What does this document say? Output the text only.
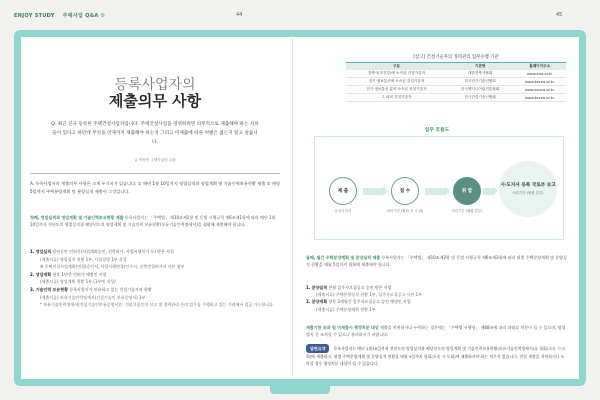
ENJOY STUDY 주택사업 Q&A ⑤	44	45
등록사업자의
제출의무 사항
Q. 최근 신규 등록한 주택건설사업자입니다. 주택건설사업을 영위하려면 의무적으로 제출해야 하는 서류들이 있다고 하던데 무엇을 언제까지 제출해야 하는지 그리고 미제출에 따른 처벌은 없는지 알고 싶습니다.
글 박정연 주택사업팀 과장
A. 등록사업자의 제출의무 사항은 크게 두가지가 있습니다. ① 매년 1월 10일까지 영업실적과 영업계획 및 기술인력보유현황 제출 ② 매월 5일까지 주택분양계획 및 분양실적 제출이 그것입니다.
첫째, 영업실적과 영업계획 및 기술인력보유현황 제출 등록사업자는 「주택법」 제10조제1항 및 동법 시행규칙 제6조제1항에 따라 매년 1월10일까지 전년도의 영업실적과 해당년도의 영업계획 및 기술인력 보유현황(보유기술인력명세서)을 협회에 제출해야 합니다.
1. 영업실적 당년동안 인허가(사업계획승인, 건축허가, 사업시행인가 등) 받은 사업
(제출서류) 영업실적 현황 1부, 사업장별 1부 작성
※ 주택건설사업계획(변경)승인서, 사업시행변경(인가서, 건축변경허가서 사본 첨부
2. 영업계획 향후 1년간 인허가 예정인 사업
(제출서류) 영업계획 현황 1부 (1부에 작성)
3. 기술인력 보유현황 등록사업자가 보유하고 있는 건설기술자의 현황
(제출서류) 보유기술인력명세서(건설기술인 보유증명서) 1부
* 보유기술인력명세서(건설기술인보유증명서)는 건설기술인의 신고 및 경력관리 등의 업무를 수행하고 있는 기관에서 발급 가능합니다.
[참고] 건설기술자의 경력관리 업무수행 기관
구분	기관명	홈페이지주소
건축사(조건부)에 소속된 건설기술자	대한건축사협회	www.kira.or.kr
전기·정보통신에 소속된 건설기술자	한국전기기술인협회	www.kacea.or.kr
전기·정보통신 분야 소속된 건설기술자	한국엔지니어링진흥협회	www.kenca.or.kr
그 외의 건설기술자	한국건설기술인협회	www.kocea.or.kr
업무 흐름도
제 출
등록사업자
접 수
처리기간 (협회 지 시 회)
취 합
처리기간 (협회 본부)
시·도지사 등록 국토부 보고
처리기간 (협회 본부)
둘째, 월간 주택분양계획 및 분양실적 제출 등록사업자는 「주택법」 제10조제2항 및 동법 시행규칙 제6조제2항에 따라 월별 주택분양계획 및 분양실적 현황을 매월 5일까지 협회에 제출해야 합니다.
1. 분양실적 전월 입주자모집공고 승인 받은 사업
(제출서류) 주택분양실적 현황 1부, 입주자모집공고 사본 1부
2. 분양계획 향후 3개월간 입주자모집공고 승인 예정인 사업
(제출서류) 주택분양계획 현황 1부
제출기한 초과 및 미제출시 행정처분 대상 제출을 지연하거나 누락하는 경우에는 「주택법 시행령」 제88조에 따라 과태료 처분이 될 수 있으며, 영업정지 등 조치될 수 있으니 유의하시기 바랍니다.
답변요약 등록사업자는 매년 1월10일까지 전년도의 영업실적과 해당년도의 영업계획 및 기술인력보유현황(보유기술인력명세서)를 협회(소속 시·도회)에 제출하고, 월별 주택분양계획 및 분양실적 현황을 매월 5일까지 협회(소속 시·도회)에 제출하셔야 하는 의무가 있습니다. 만일 제출을 지연하거나 누락할 경우 행정처분 대상이 될 수 있습니다.
